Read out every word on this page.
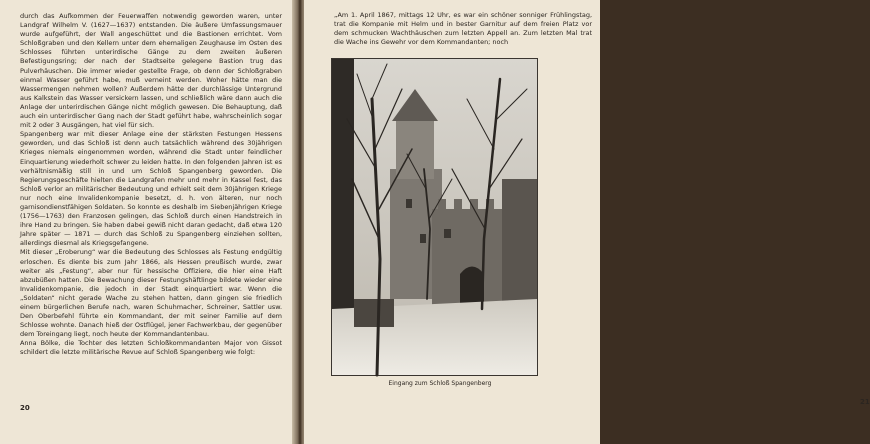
durch das Aufkommen der Feuerwaffen notwendig geworden waren, unter Landgraf Wilhelm V. (1627—1637) entstanden. Die äußere Umfassungsmauer wurde aufgeführt, der Wall angeschüttet und die Bastionen errichtet. Vom Schloßgraben und den Kellern unter dem ehemaligen Zeughause im Osten des Schlosses führten unterirdische Gänge zu dem zweiten äußeren Befestigungsring; der nach der Stadtseite gelegene Bastion trug das Pulverhäuschen. Die immer wieder gestellte Frage, ob denn der Schloßgraben einmal Wasser geführt habe, muß verneint werden. Woher hätte man die Wassermengen nehmen wollen? Außerdem hätte der durchlässige Untergrund aus Kalkstein das Wasser versickern lassen, und schließlich wäre dann auch die Anlage der unterirdischen Gänge nicht möglich gewesen. Die Behauptung, daß auch ein unterirdischer Gang nach der Stadt geführt habe, wahrscheinlich sogar mit 2 oder 3 Ausgängen, hat viel für sich.

Spangenberg war mit dieser Anlage eine der stärksten Festungen Hessens geworden, und das Schloß ist denn auch tatsächlich während des 30jährigen Krieges niemals eingenommen worden, während die Stadt unter feindlicher Einquartierung wiederholt schwer zu leiden hatte. In den folgenden Jahren ist es verhältnismäßig still in und um Schloß Spangenberg geworden. Die Regierungsgeschäfte hielten die Landgrafen mehr und mehr in Kassel fest, das Schloß verlor an militärischer Bedeutung und erhielt seit dem 30jährigen Kriege nur noch eine Invalidenkompanie besetzt, d. h. von älteren, nur noch garnisondienstfähigen Soldaten. So konnte es deshalb im Siebenjährigen Kriege (1756—1763) den Franzosen gelingen, das Schloß durch einen Handstreich in ihre Hand zu bringen. Sie haben dabei gewiß nicht daran gedacht, daß etwa 120 Jahre später — 1871 — durch das Schloß zu Spangenberg einziehen sollten, allerdings diesmal als Kriegsgefangene.

Mit dieser „Eroberung“ war die Bedeutung des Schlosses als Festung endgültig erloschen. Es diente bis zum Jahr 1866, als Hessen preußisch wurde, zwar weiter als „Festung“, aber nur für hessische Offiziere, die hier eine Haft abzubüßen hatten. Die Bewachung dieser Festungshäftlinge bildete wieder eine Invalidenkompanie, die jedoch in der Stadt einquartiert war. Wenn die „Soldaten“ nicht gerade Wache zu stehen hatten, dann gingen sie friedlich einem bürgerlichen Berufe nach, waren Schuhmacher, Schreiner, Sattler usw. Den Oberbefehl führte ein Kommandant, der mit seiner Familie auf dem Schlosse wohnte. Danach hieß der Ostflügel, jener Fachwerkbau, der gegenüber dem Toreingang liegt, noch heute der Kommandantenbau.

Anna Bölke, die Tochter des letzten Schloßkommandanten Major von Gissot schildert die letzte militärische Revue auf Schloß Spangenberg wie folgt:

20

„Am 1. April 1867, mittags 12 Uhr, es war ein schöner sonniger Frühlingstag, trat die Kompanie mit Helm und in bester Garnitur auf dem freien Platz vor dem schmucken Wachthäuschen zum letzten Appell an. Zum letzten Mal trat die Wache ins Gewehr vor dem Kommandanten; noch

Eingang zum Schloß Spangenberg
21
